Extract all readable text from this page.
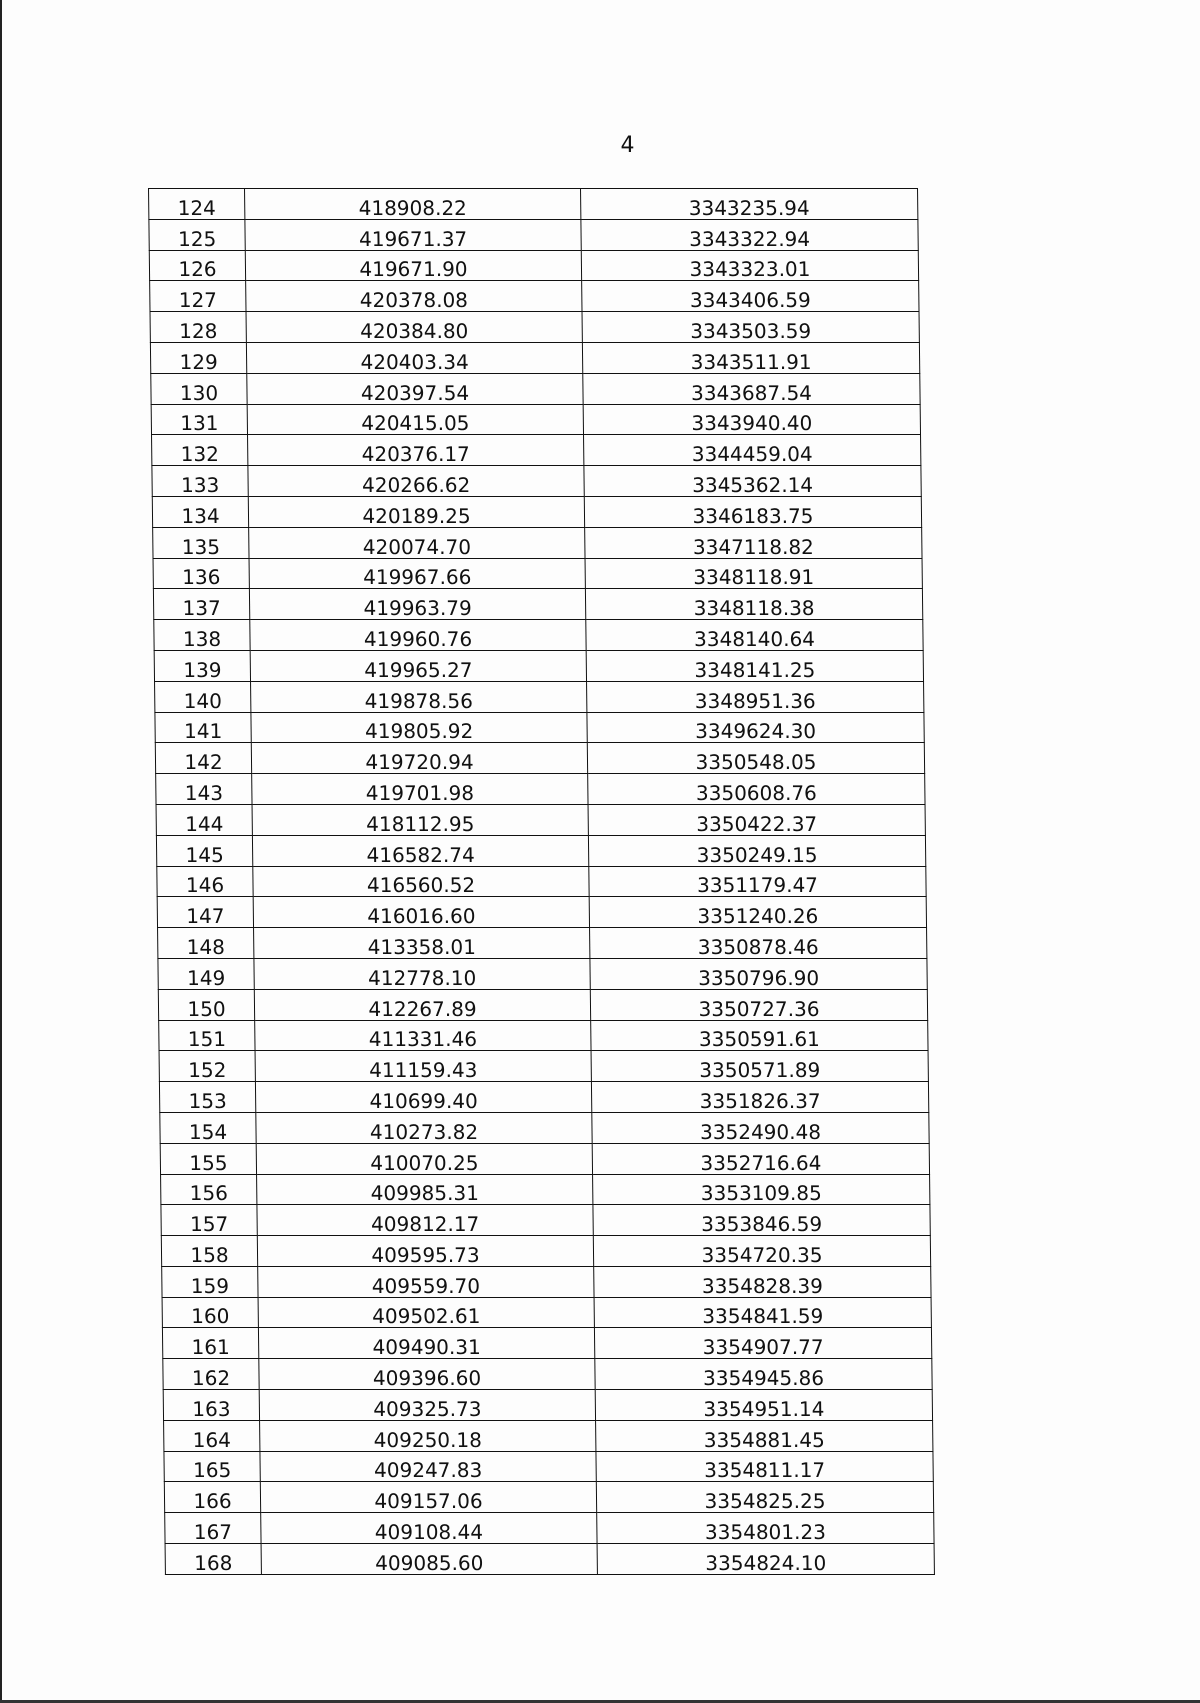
4
124	418908.22	3343235.94
125	419671.37	3343322.94
126	419671.90	3343323.01
127	420378.08	3343406.59
128	420384.80	3343503.59
129	420403.34	3343511.91
130	420397.54	3343687.54
131	420415.05	3343940.40
132	420376.17	3344459.04
133	420266.62	3345362.14
134	420189.25	3346183.75
135	420074.70	3347118.82
136	419967.66	3348118.91
137	419963.79	3348118.38
138	419960.76	3348140.64
139	419965.27	3348141.25
140	419878.56	3348951.36
141	419805.92	3349624.30
142	419720.94	3350548.05
143	419701.98	3350608.76
144	418112.95	3350422.37
145	416582.74	3350249.15
146	416560.52	3351179.47
147	416016.60	3351240.26
148	413358.01	3350878.46
149	412778.10	3350796.90
150	412267.89	3350727.36
151	411331.46	3350591.61
152	411159.43	3350571.89
153	410699.40	3351826.37
154	410273.82	3352490.48
155	410070.25	3352716.64
156	409985.31	3353109.85
157	409812.17	3353846.59
158	409595.73	3354720.35
159	409559.70	3354828.39
160	409502.61	3354841.59
161	409490.31	3354907.77
162	409396.60	3354945.86
163	409325.73	3354951.14
164	409250.18	3354881.45
165	409247.83	3354811.17
166	409157.06	3354825.25
167	409108.44	3354801.23
168	409085.60	3354824.10
